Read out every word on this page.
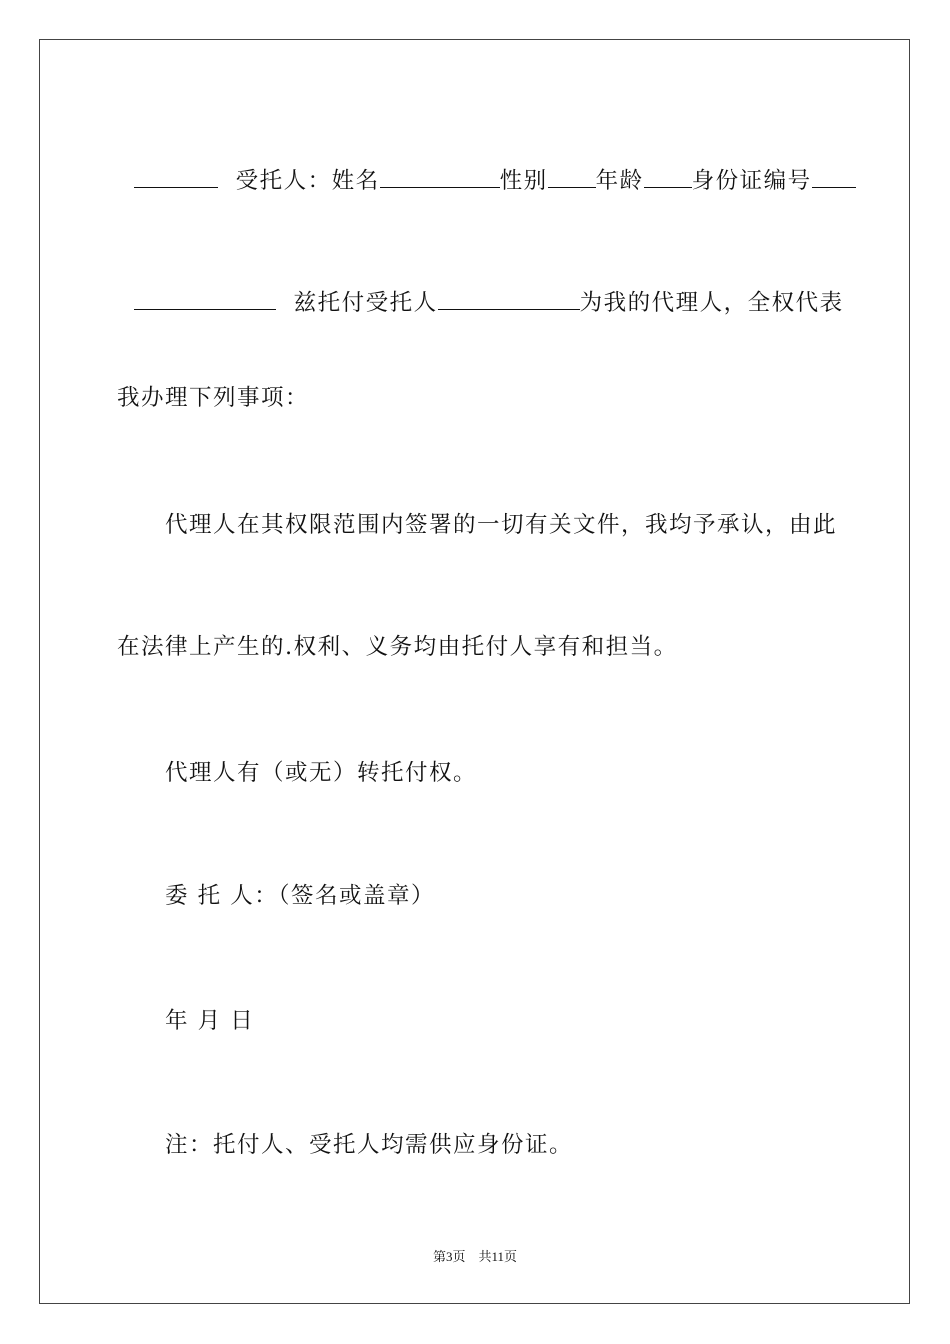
受托人：姓名	性别 年龄 身份证编号

兹托付受托人	为我的代理人，全权代表

我办理下列事项：
代理人在其权限范围内签署的一切有关文件，我均予承认，由此
在法律上产生的.权利、义务均由托付人享有和担当。
代理人有（或无）转托付权。
委 托 人：（签名或盖章）
年 月 日
注：托付人、受托人均需供应身份证。
第3页　共11页
